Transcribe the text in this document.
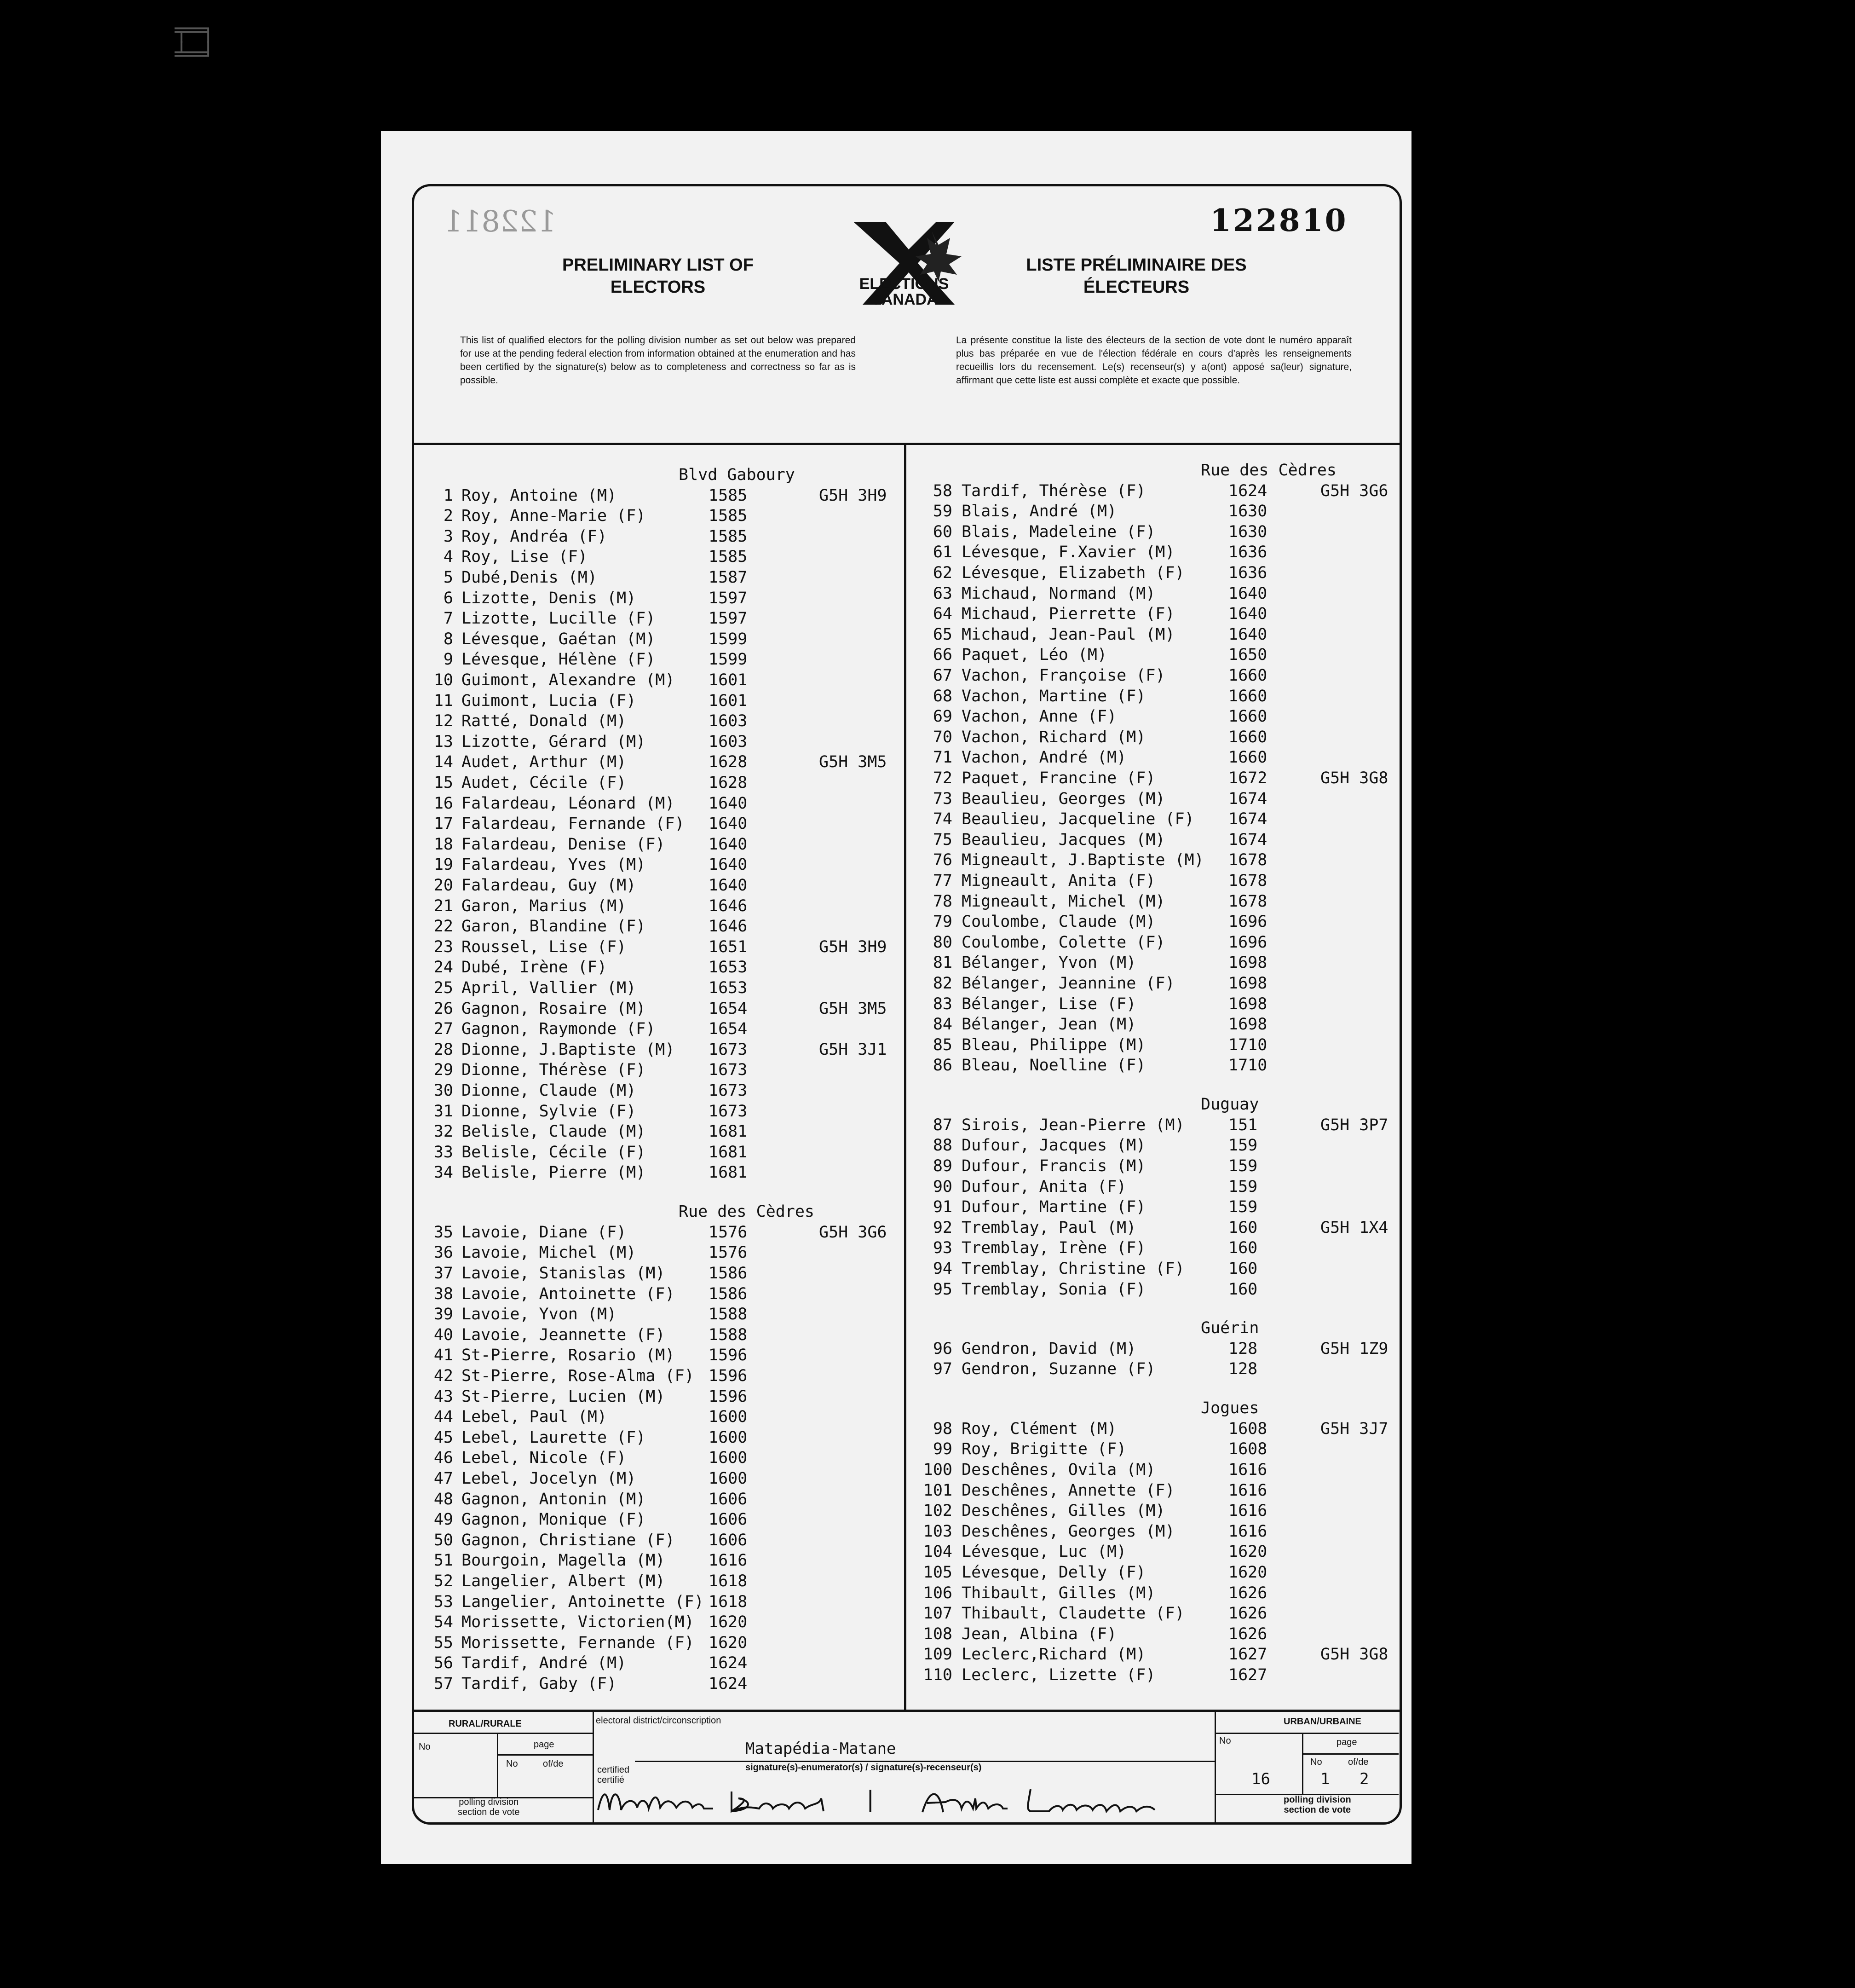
╤═╕
╧═╛
122811	122810
PRELIMINARY LIST OF
ELECTORS
LISTE PRÉLIMINAIRE DES
ÉLECTEURS
ELECTIONS
CANADA
This list of qualified electors for the polling division number as set out below was prepared for use at the pending federal election from information obtained at the enumeration and has been certified by the signature(s) below as to completeness and correctness so far as is possible.
La présente constitue la liste des électeurs de la section de vote dont le numéro apparaît plus bas préparée en vue de l'élection fédérale en cours d'après les renseignements recueillis lors du recensement. Le(s) recenseur(s) y a(ont) apposé sa(leur) signature, affirmant que cette liste est aussi complète et exacte que possible.
Blvd Gaboury
1 Roy, Antoine (M)	1585	G5H 3H9
2 Roy, Anne-Marie (F)	1585
3 Roy, Andréa (F)	1585
4 Roy, Lise (F)	1585
5 Dubé,Denis (M)	1587
6 Lizotte, Denis (M)	1597
7 Lizotte, Lucille (F)	1597
8 Lévesque, Gaétan (M)	1599
9 Lévesque, Hélène (F)	1599
10 Guimont, Alexandre (M) 1601
11 Guimont, Lucia (F)	1601
12 Ratté, Donald (M)	1603
13 Lizotte, Gérard (M)	1603
14 Audet, Arthur (M)	1628	G5H 3M5
15 Audet, Cécile (F)	1628
16 Falardeau, Léonard (M) 1640
17 Falardeau, Fernande (F) 1640
18 Falardeau, Denise (F)	1640
19 Falardeau, Yves (M)	1640
20 Falardeau, Guy (M)	1640
21 Garon, Marius (M)	1646
22 Garon, Blandine (F)	1646
23 Roussel, Lise (F)	1651	G5H 3H9
24 Dubé, Irène (F)	1653
25 April, Vallier (M)	1653
26 Gagnon, Rosaire (M)	1654	G5H 3M5
27 Gagnon, Raymonde (F)	1654
28 Dionne, J.Baptiste (M) 1673	G5H 3J1
29 Dionne, Thérèse (F)	1673
30 Dionne, Claude (M)	1673
31 Dionne, Sylvie (F)	1673
32 Belisle, Claude (M)	1681
33 Belisle, Cécile (F)	1681
34 Belisle, Pierre (M)	1681
Rue des Cèdres
35 Lavoie, Diane (F)	1576	G5H 3G6
36 Lavoie, Michel (M)	1576
37 Lavoie, Stanislas (M)	1586
38 Lavoie, Antoinette (F) 1586
39 Lavoie, Yvon (M)	1588
40 Lavoie, Jeannette (F)	1588
41 St-Pierre, Rosario (M) 1596
42 St-Pierre, Rose-Alma (F) 1596
43 St-Pierre, Lucien (M)	1596
44 Lebel, Paul (M)	1600
45 Lebel, Laurette (F)	1600
46 Lebel, Nicole (F)	1600
47 Lebel, Jocelyn (M)	1600
48 Gagnon, Antonin (M)	1606
49 Gagnon, Monique (F)	1606
50 Gagnon, Christiane (F) 1606
51 Bourgoin, Magella (M)	1616
52 Langelier, Albert (M)	1618
53 Langelier, Antoinette (F) 1618
54 Morissette, Victorien(M) 1620
55 Morissette, Fernande (F) 1620
56 Tardif, André (M)	1624
57 Tardif, Gaby (F)	1624
Rue des Cèdres
58 Tardif, Thérèse (F)	1624	G5H 3G6
59 Blais, André (M)	1630
60 Blais, Madeleine (F)	1630
61 Lévesque, F.Xavier (M)	1636
62 Lévesque, Elizabeth (F)	1636
63 Michaud, Normand (M)	1640
64 Michaud, Pierrette (F)	1640
65 Michaud, Jean-Paul (M)	1640
66 Paquet, Léo (M)	1650
67 Vachon, Françoise (F)	1660
68 Vachon, Martine (F)	1660
69 Vachon, Anne (F)	1660
70 Vachon, Richard (M)	1660
71 Vachon, André (M)	1660
72 Paquet, Francine (F)	1672	G5H 3G8
73 Beaulieu, Georges (M)	1674
74 Beaulieu, Jacqueline (F) 1674
75 Beaulieu, Jacques (M)	1674
76 Migneault, J.Baptiste (M) 1678
77 Migneault, Anita (F)	1678
78 Migneault, Michel (M)	1678
79 Coulombe, Claude (M)	1696
80 Coulombe, Colette (F)	1696
81 Bélanger, Yvon (M)	1698
82 Bélanger, Jeannine (F)	1698
83 Bélanger, Lise (F)	1698
84 Bélanger, Jean (M)	1698
85 Bleau, Philippe (M)	1710
86 Bleau, Noelline (F)	1710
Duguay
87 Sirois, Jean-Pierre (M)	151	G5H 3P7
88 Dufour, Jacques (M)	159
89 Dufour, Francis (M)	159
90 Dufour, Anita (F)	159
91 Dufour, Martine (F)	159
92 Tremblay, Paul (M)	160	G5H 1X4
93 Tremblay, Irène (F)	160
94 Tremblay, Christine (F)	160
95 Tremblay, Sonia (F)	160
Guérin
96 Gendron, David (M)	128	G5H 1Z9
97 Gendron, Suzanne (F)	128
Jogues
98 Roy, Clément (M)	1608	G5H 3J7
99 Roy, Brigitte (F)	1608
100 Deschênes, Ovila (M)	1616
101 Deschênes, Annette (F)	1616
102 Deschênes, Gilles (M)	1616
103 Deschênes, Georges (M)	1616
104 Lévesque, Luc (M)	1620
105 Lévesque, Delly (F)	1620
106 Thibault, Gilles (M)	1626
107 Thibault, Claudette (F)	1626
108 Jean, Albina (F)	1626
109 Leclerc,Richard (M)	1627	G5H 3G8
110 Leclerc, Lizette (F)	1627
RURAL/RURALE
No	page
No	of/de
polling division
section de vote
electoral district/circonscription
Matapédia-Matane
signature(s)-enumerator(s) / signature(s)-recenseur(s)
certified
certifié
|
URBAN/URBAINE
No	page
No	of/de
16	1 2
polling division
section de vote
